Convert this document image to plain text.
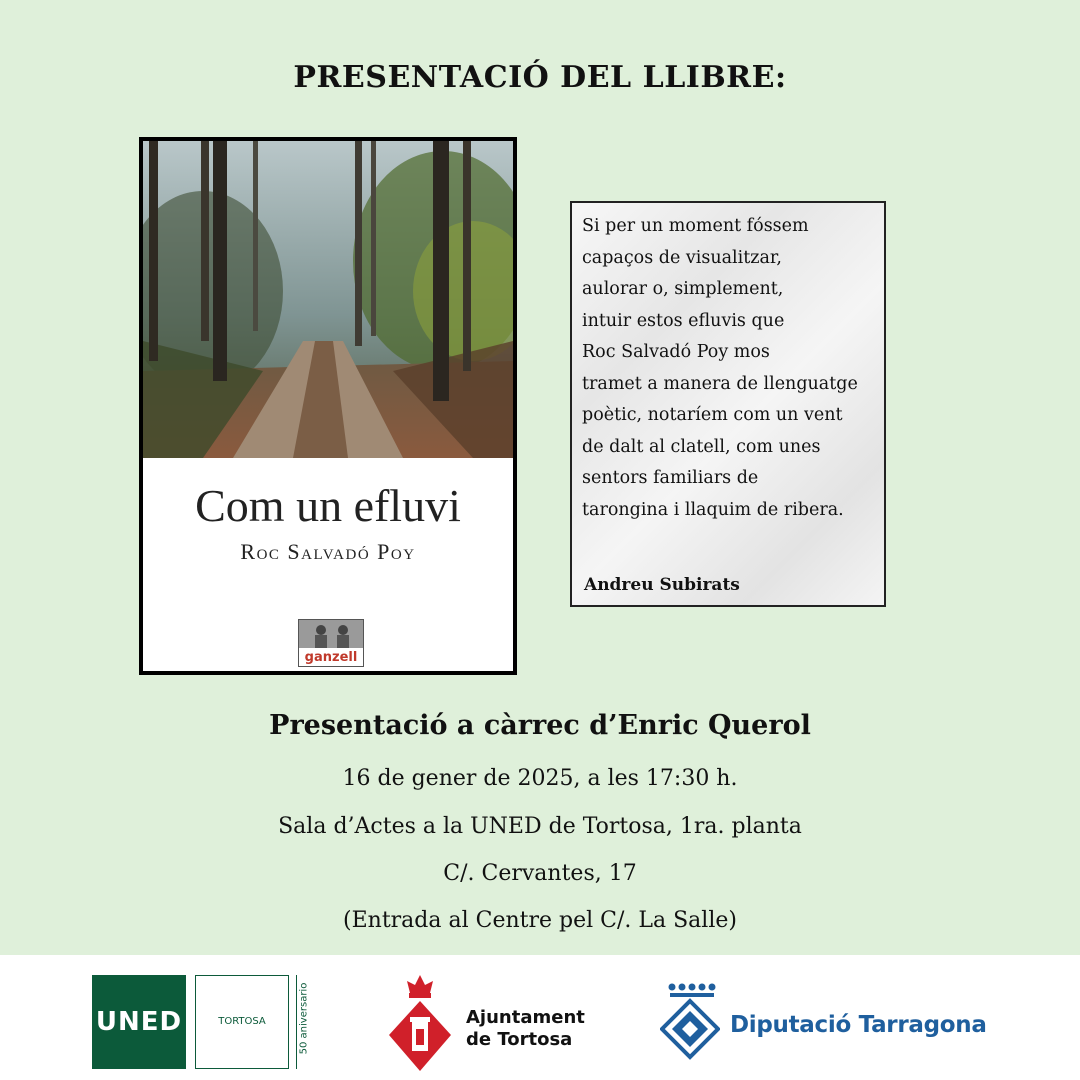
PRESENTACIÓ DEL LLIBRE:
Com un efluvi
Roc Salvadó Poy
ganzell
Si per un moment fóssem
capaços de visualitzar,
aulorar o, simplement,
intuir estos efluvis que
Roc Salvadó Poy mos
tramet a manera de llenguatge
poètic, notaríem com un vent
de dalt al clatell, com unes
sentors familiars de
tarongina i llaquim de ribera.
Andreu Subirats
Presentació a càrrec d’Enric Querol
16 de gener de 2025, a les 17:30 h.
Sala d’Actes a la UNED de Tortosa, 1ra. planta
C/. Cervantes, 17
(Entrada al Centre pel C/. La Salle)
UNED	TORTOSA	50 aniversario	Ajuntament
de Tortosa
Diputació Tarragona
